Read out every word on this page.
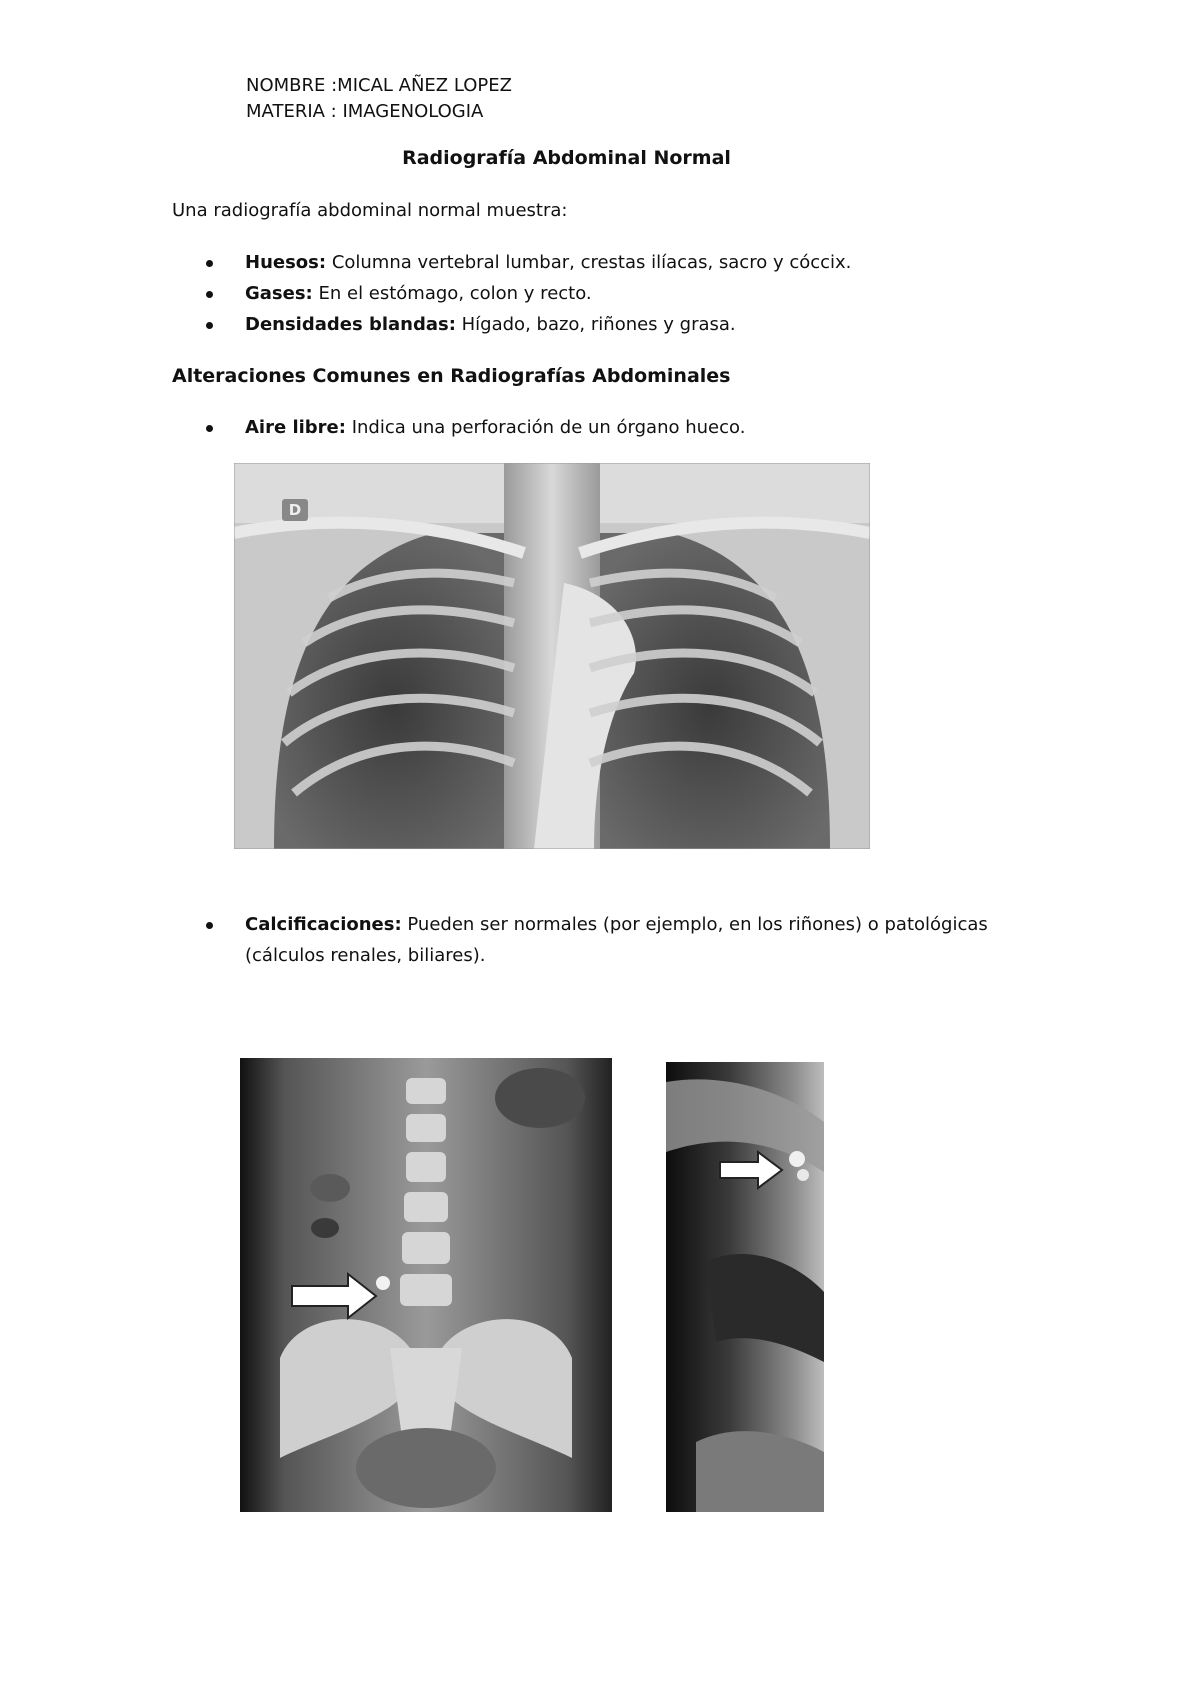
NOMBRE :MICAL AÑEZ LOPEZ
MATERIA : IMAGENOLOGIA
Radiografía Abdominal Normal
Una radiografía abdominal normal muestra:
Huesos: Columna vertebral lumbar, crestas ilíacas, sacro y cóccix.
Gases: En el estómago, colon y recto.
Densidades blandas: Hígado, bazo, riñones y grasa.
Alteraciones Comunes en Radiografías Abdominales
Aire libre: Indica una perforación de un órgano hueco.
D
Calcificaciones: Pueden ser normales (por ejemplo, en los riñones) o patológicas
(cálculos renales, biliares).
